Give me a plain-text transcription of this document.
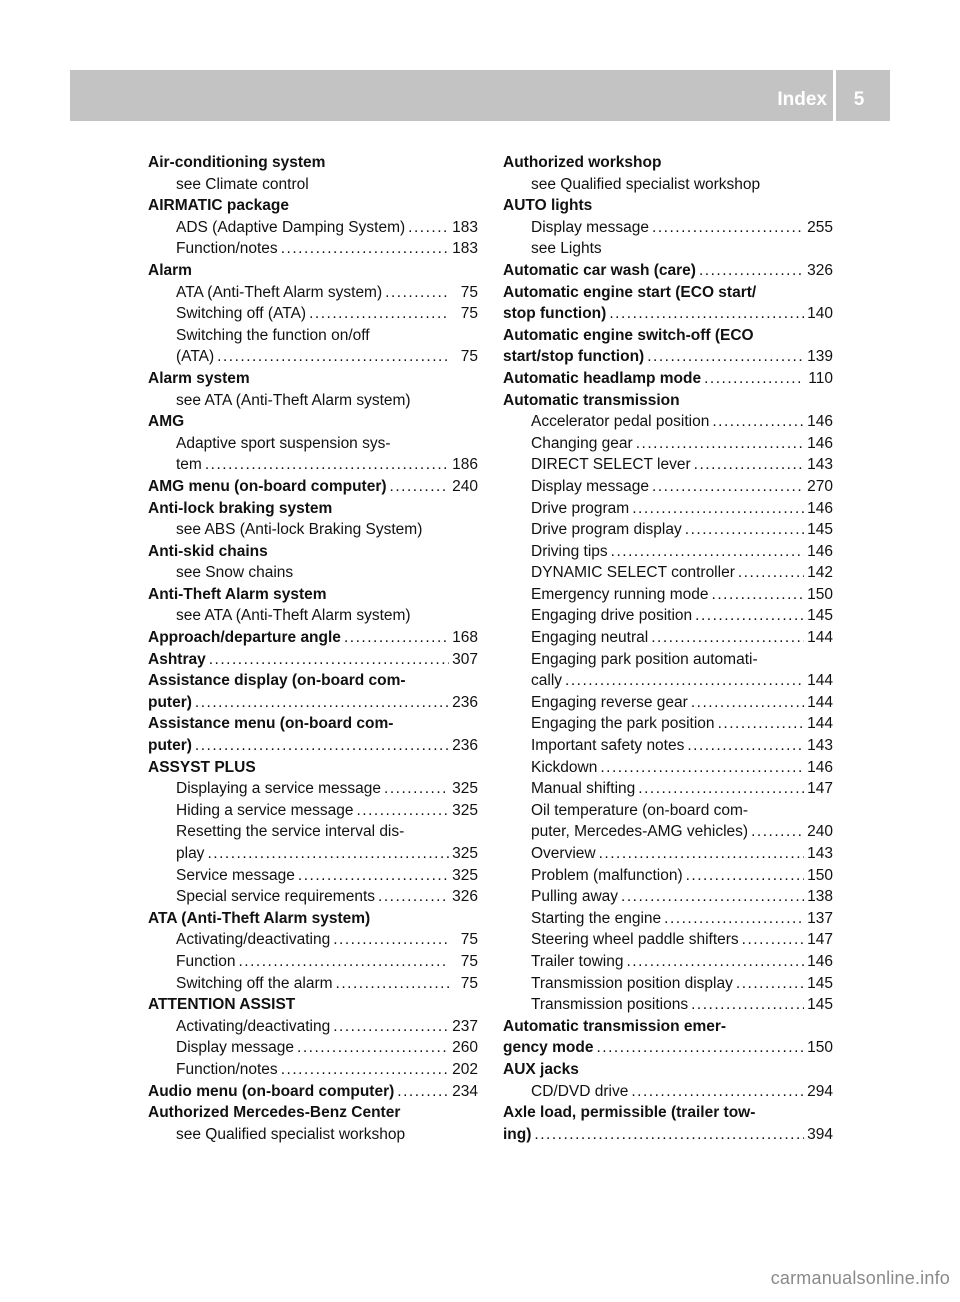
Index	5
Air-conditioning system
see Climate control
AIRMATIC package
ADS (Adaptive Damping System) . . .	183
Function/notes . . .	183
Alarm
ATA (Anti-Theft Alarm system) . . .	75
Switching off (ATA) . . .	75
Switching the function on/off
(ATA) . . .	75
Alarm system
see ATA (Anti-Theft Alarm system)
AMG
Adaptive sport suspension sys-
tem . . .	186
AMG menu (on-board computer) . . .	240
Anti-lock braking system
see ABS (Anti-lock Braking System)
Anti-skid chains
see Snow chains
Anti-Theft Alarm system
see ATA (Anti-Theft Alarm system)
Approach/departure angle . . .	168
Ashtray . . .	307
Assistance display (on-board com-
puter) . . .	236
Assistance menu (on-board com-
puter) . . .	236
ASSYST PLUS
Displaying a service message . . .	325
Hiding a service message . . .	325
Resetting the service interval dis-
play . . .	325
Service message . . .	325
Special service requirements . . .	326
ATA (Anti-Theft Alarm system)
Activating/deactivating . . .	75
Function . . .	75
Switching off the alarm . . .	75
ATTENTION ASSIST
Activating/deactivating . . .	237
Display message . . .	260
Function/notes . . .	202
Audio menu (on-board computer) . . .	234
Authorized Mercedes-Benz Center
see Qualified specialist workshop
Authorized workshop
see Qualified specialist workshop
AUTO lights
Display message . . .	255
see Lights
Automatic car wash (care) . . .	326
Automatic engine start (ECO start/
stop function) . . .	140
Automatic engine switch-off (ECO
start/stop function) . . .	139
Automatic headlamp mode . . .	110
Automatic transmission
Accelerator pedal position . . .	146
Changing gear . . .	146
DIRECT SELECT lever . . .	143
Display message . . .	270
Drive program . . .	146
Drive program display . . .	145
Driving tips . . .	146
DYNAMIC SELECT controller . . .	142
Emergency running mode . . .	150
Engaging drive position . . .	145
Engaging neutral . . .	144
Engaging park position automati-
cally . . .	144
Engaging reverse gear . . .	144
Engaging the park position . . .	144
Important safety notes . . .	143
Kickdown . . .	146
Manual shifting . . .	147
Oil temperature (on-board com-
puter, Mercedes-AMG vehicles) . . .	240
Overview . . .	143
Problem (malfunction) . . .	150
Pulling away . . .	138
Starting the engine . . .	137
Steering wheel paddle shifters . . .	147
Trailer towing . . .	146
Transmission position display . . .	145
Transmission positions . . .	145
Automatic transmission emer-
gency mode . . .	150
AUX jacks
CD/DVD drive . . .	294
Axle load, permissible (trailer tow-
ing) . . .	394
carmanualsonline.info
